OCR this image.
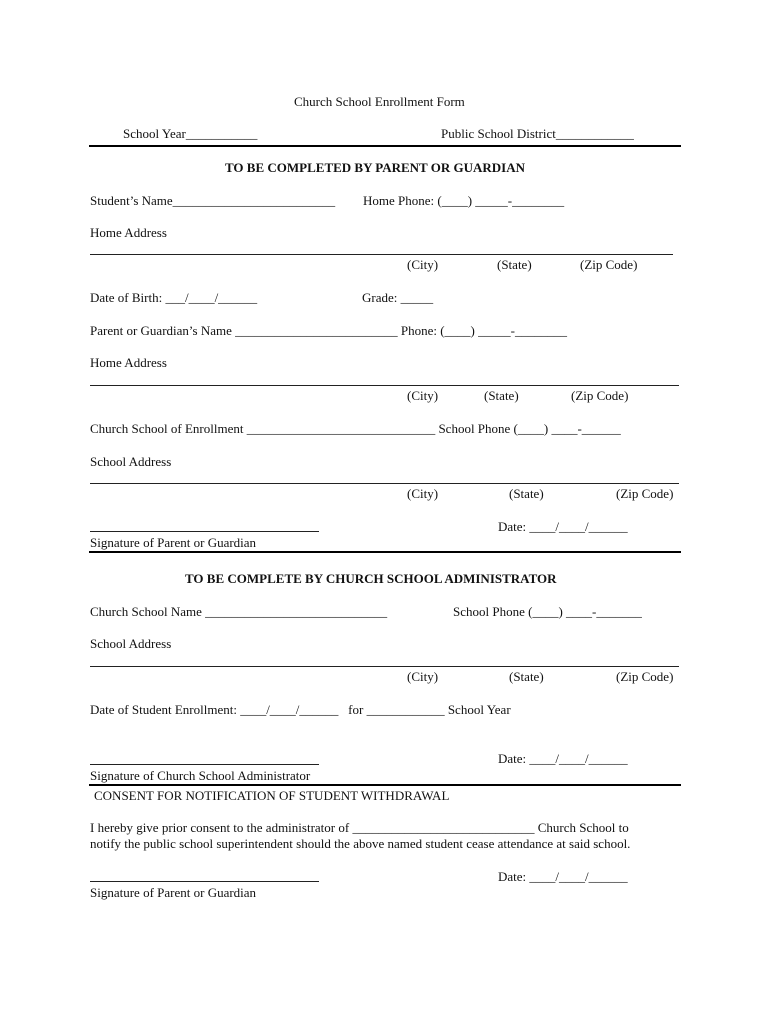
Church School Enrollment Form
School Year___________	Public School District____________
TO BE COMPLETED BY PARENT OR GUARDIAN
Student’s Name_________________________ Home Phone: (____) _____-________
Home Address
(City)	(State)	(Zip Code)
Date of Birth: ___/____/______	Grade: _____
Parent or Guardian’s Name _________________________ Phone: (____) _____-________
Home Address
(City)	(State)	(Zip Code)
Church School of Enrollment _____________________________ School Phone (____) ____-______
School Address
(City)	(State)	(Zip Code)
Date: ____/____/______
Signature of Parent or Guardian
TO BE COMPLETE BY CHURCH SCHOOL ADMINISTRATOR
Church School Name ____________________________	School Phone (____) ____-_______
School Address
(City)	(State)	(Zip Code)
Date of Student Enrollment: ____/____/______   for ____________ School Year
Date: ____/____/______
Signature of Church School Administrator
CONSENT FOR NOTIFICATION OF STUDENT WITHDRAWAL
I hereby give prior consent to the administrator of ____________________________ Church School to
notify the public school superintendent should the above named student cease attendance at said school.
Date: ____/____/______
Signature of Parent or Guardian
